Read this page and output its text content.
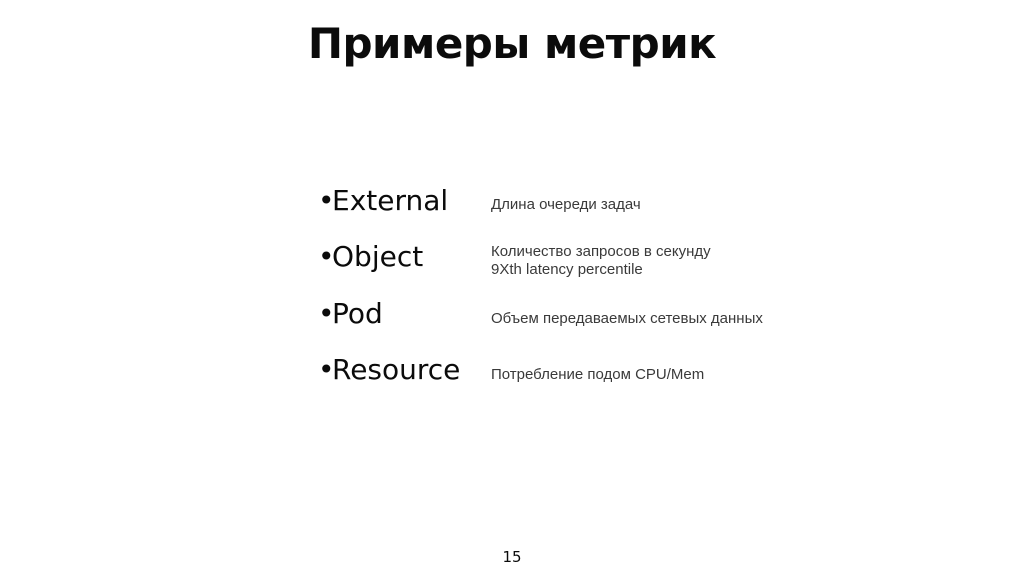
Примеры метрик
•External	Длина очереди задач
•Object	Количество запросов в секунду
9Xth latency percentile
•Pod	Объем передаваемых сетевых данных
•Resource Потребление подом CPU/Mem
15
